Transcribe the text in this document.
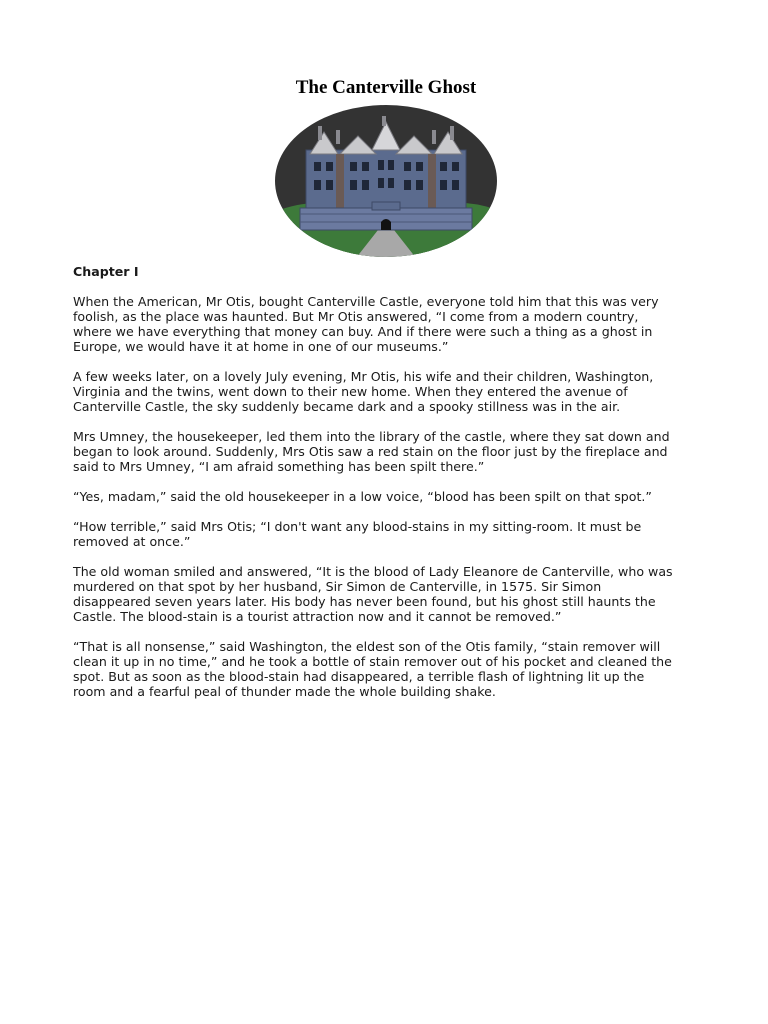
The Canterville Ghost

Chapter I

When the American, Mr Otis, bought Canterville Castle, everyone told him that this was very
foolish, as the place was haunted. But Mr Otis answered, “I come from a modern country,
where we have everything that money can buy. And if there were such a thing as a ghost in
Europe, we would have it at home in one of our museums.”

A few weeks later, on a lovely July evening, Mr Otis, his wife and their children, Washington,
Virginia and the twins, went down to their new home. When they entered the avenue of
Canterville Castle, the sky suddenly became dark and a spooky stillness was in the air.

Mrs Umney, the housekeeper, led them into the library of the castle, where they sat down and
began to look around. Suddenly, Mrs Otis saw a red stain on the floor just by the fireplace and
said to Mrs Umney, “I am afraid something has been spilt there.”

“Yes, madam,” said the old housekeeper in a low voice, “blood has been spilt on that spot.”

“How terrible,” said Mrs Otis; “I don't want any blood-stains in my sitting-room. It must be
removed at once.”

The old woman smiled and answered, “It is the blood of Lady Eleanore de Canterville, who was
murdered on that spot by her husband, Sir Simon de Canterville, in 1575. Sir Simon
disappeared seven years later. His body has never been found, but his ghost still haunts the
Castle. The blood-stain is a tourist attraction now and it cannot be removed.”

“That is all nonsense,” said Washington, the eldest son of the Otis family, “stain remover will
clean it up in no time,” and he took a bottle of stain remover out of his pocket and cleaned the
spot. But as soon as the blood-stain had disappeared, a terrible flash of lightning lit up the
room and a fearful peal of thunder made the whole building shake.
